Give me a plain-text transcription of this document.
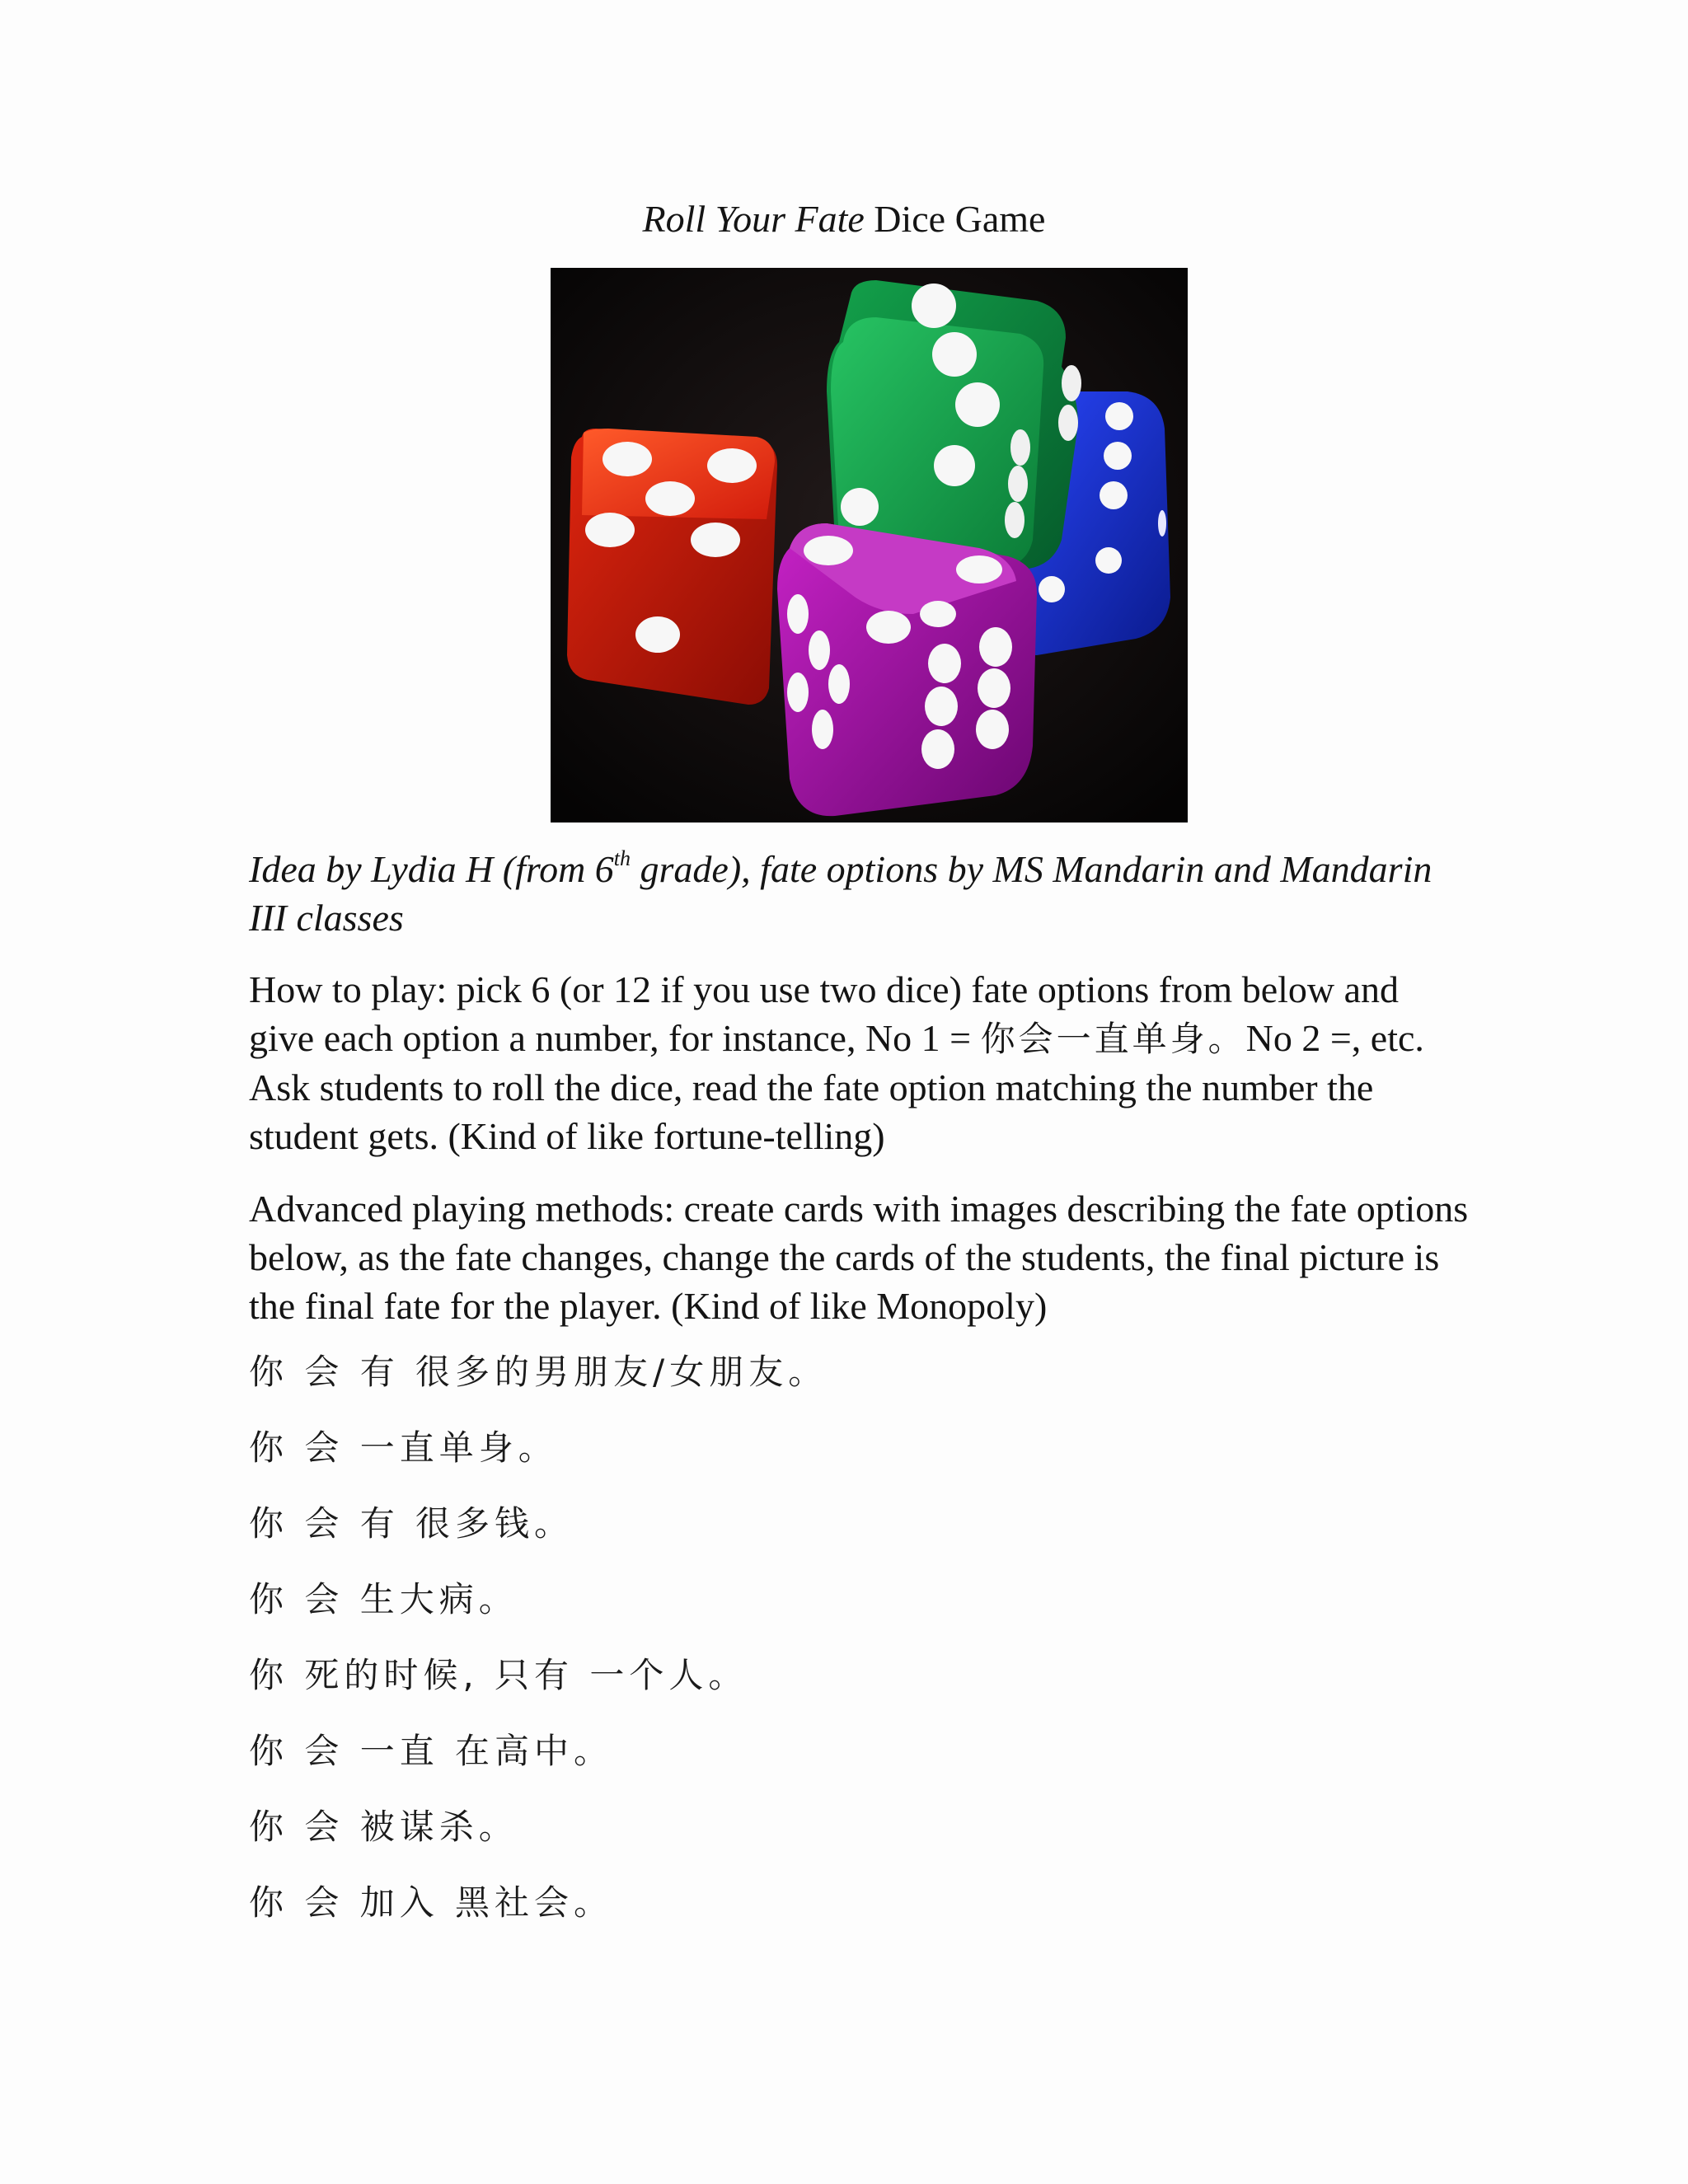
Roll Your Fate Dice Game
Idea by Lydia H (from 6th grade), fate options by MS Mandarin and Mandarin III classes
How to play: pick 6 (or 12 if you use two dice) fate options from below and give each option a number, for instance, No 1 = 你会一直单身。No 2 =, etc. Ask students to roll the dice, read the fate option matching the number the student gets. (Kind of like fortune-telling)
Advanced playing methods: create cards with images describing the fate options below, as the fate changes, change the cards of the students, the final picture is the final fate for the player. (Kind of like Monopoly)
你 会 有 很多的男朋友/女朋友。
你 会 一直单身。
你 会 有 很多钱。
你 会 生大病。
你 死的时候, 只有 一个人。
你 会 一直 在高中。
你 会 被谋杀。
你 会 加入 黑社会。
